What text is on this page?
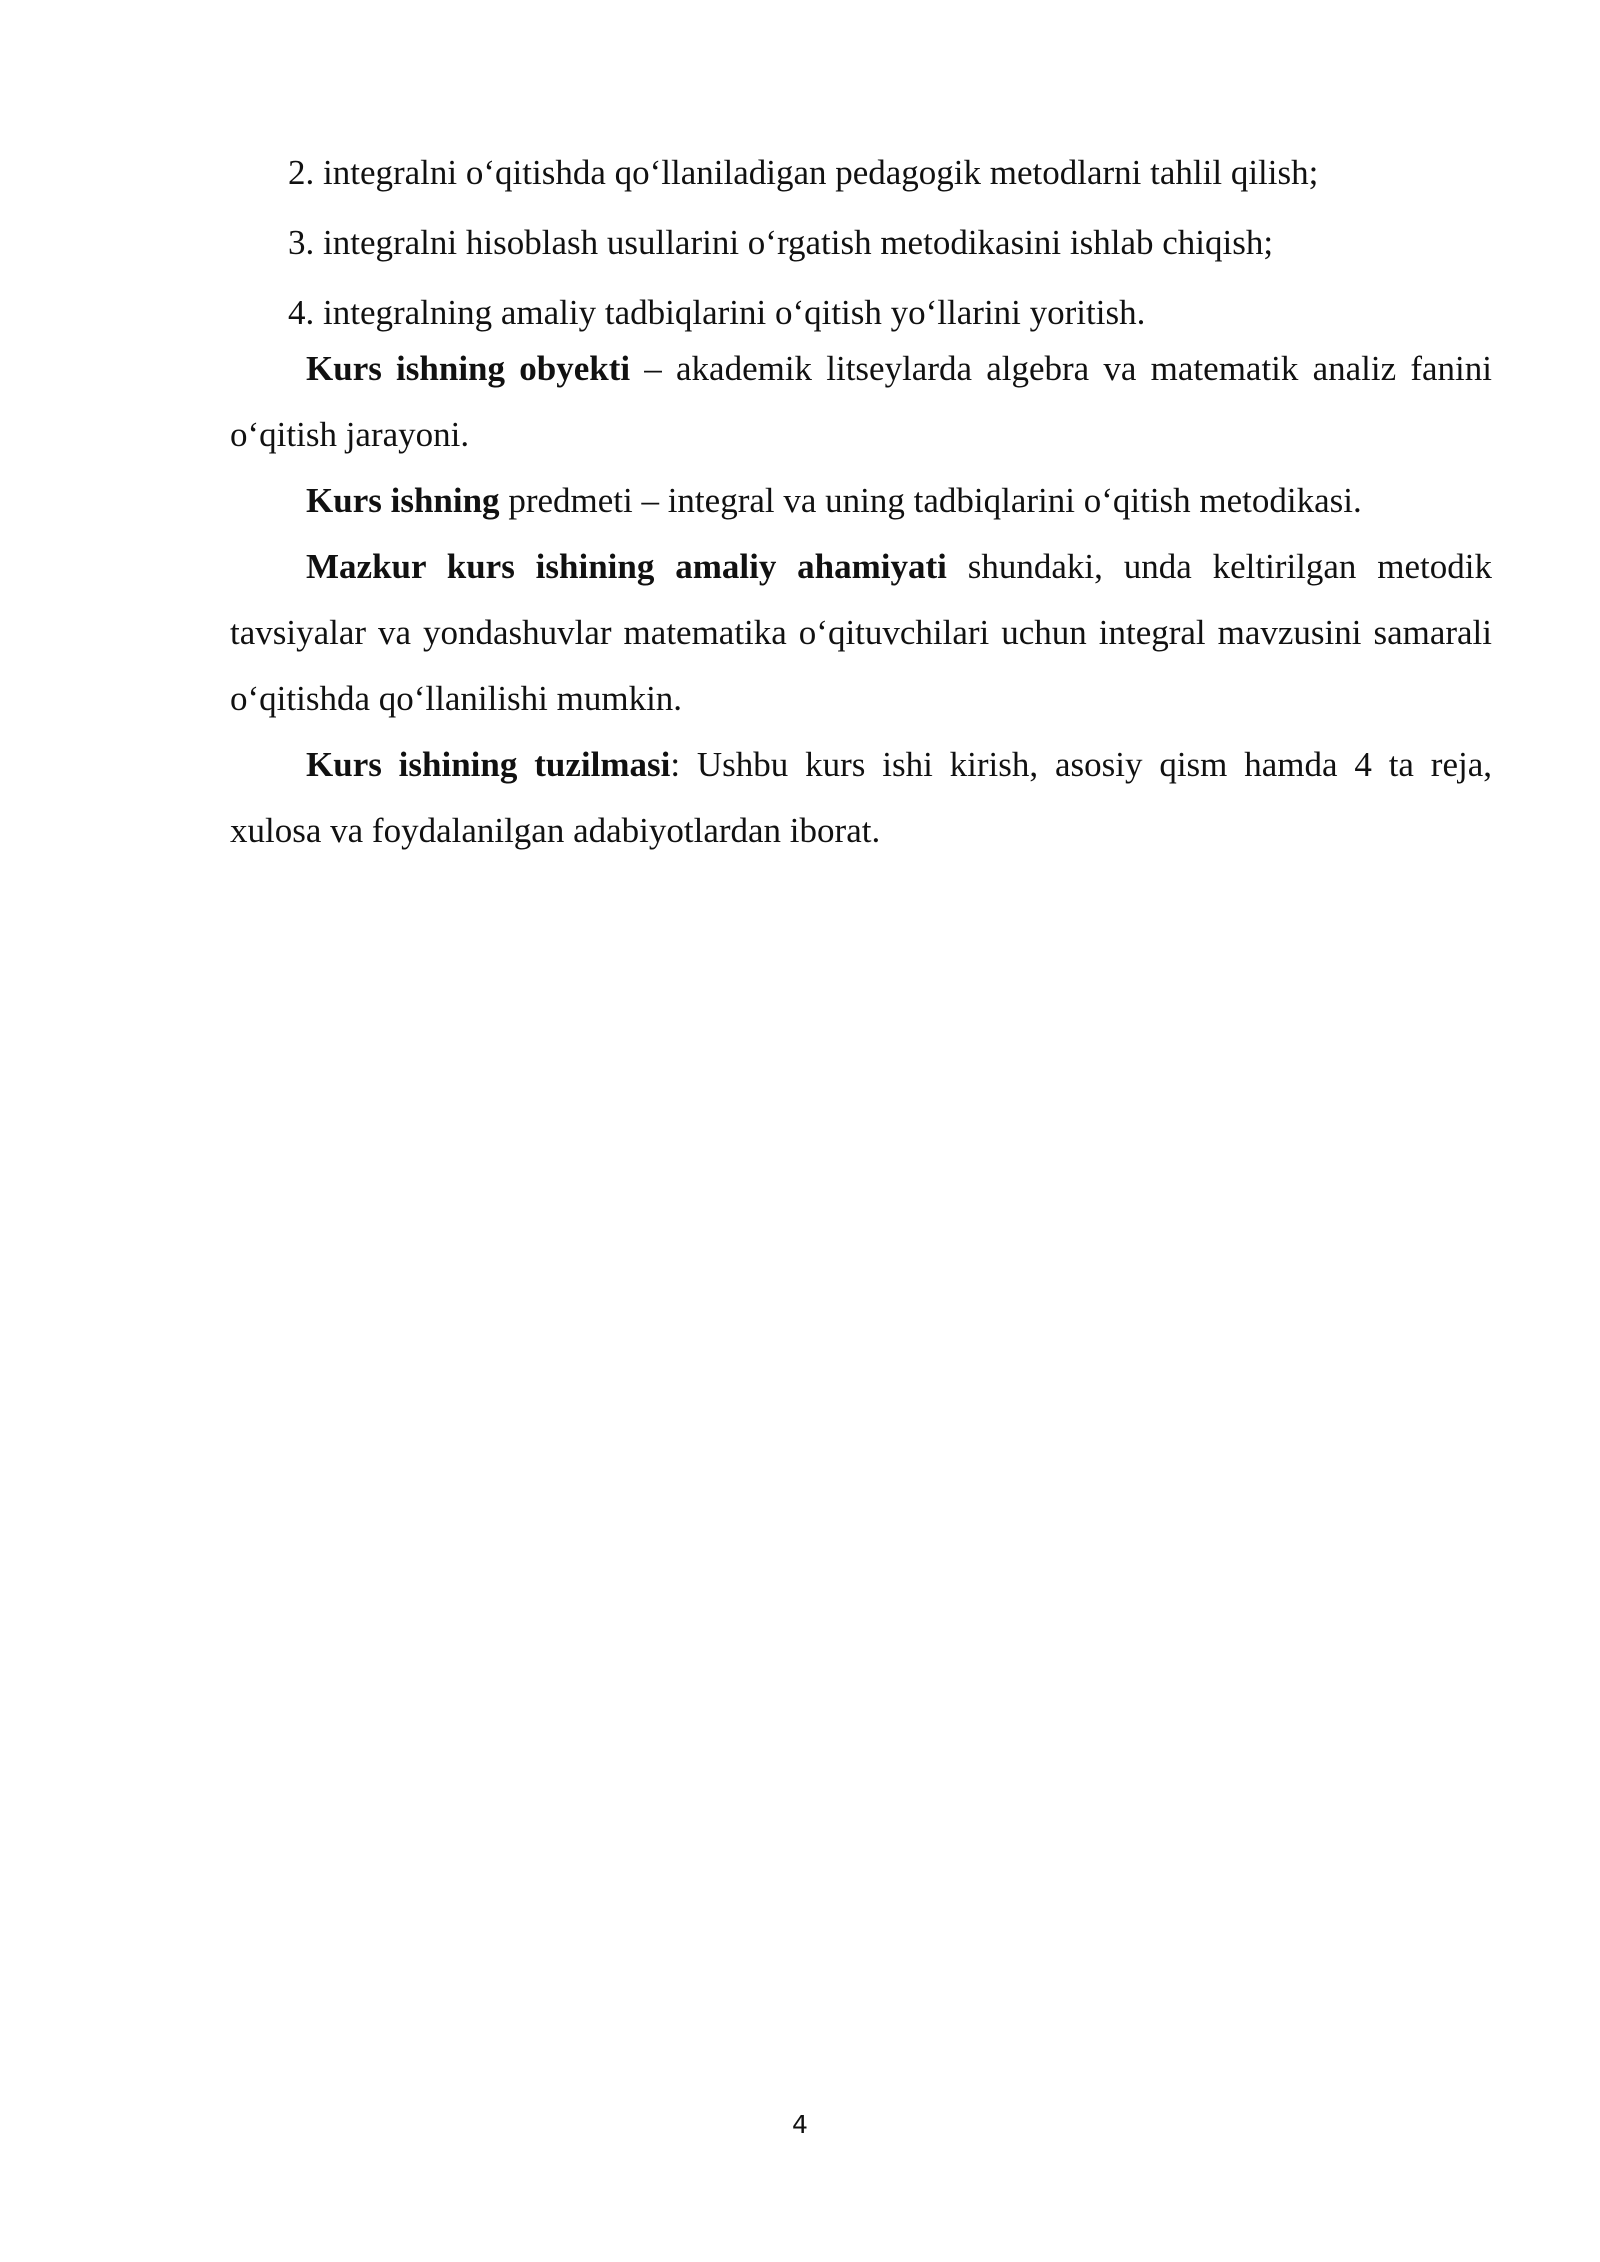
2. integralni o‘qitishda qo‘llaniladigan pedagogik metodlarni tahlil qilish;

3. integralni hisoblash usullarini o‘rgatish metodikasini ishlab chiqish;

4. integralning amaliy tadbiqlarini o‘qitish yo‘llarini yoritish.

Kurs ishning obyekti – akademik litseylarda algebra va matematik analiz fanini o‘qitish jarayoni.

Kurs ishning predmeti – integral va uning tadbiqlarini o‘qitish metodikasi.

Mazkur kurs ishining amaliy ahamiyati shundaki, unda keltirilgan metodik tavsiyalar va yondashuvlar matematika o‘qituvchilari uchun integral mavzusini samarali o‘qitishda qo‘llanilishi mumkin.

Kurs ishining tuzilmasi: Ushbu kurs ishi kirish, asosiy qism hamda 4 ta reja, xulosa va foydalanilgan adabiyotlardan iborat.

4
